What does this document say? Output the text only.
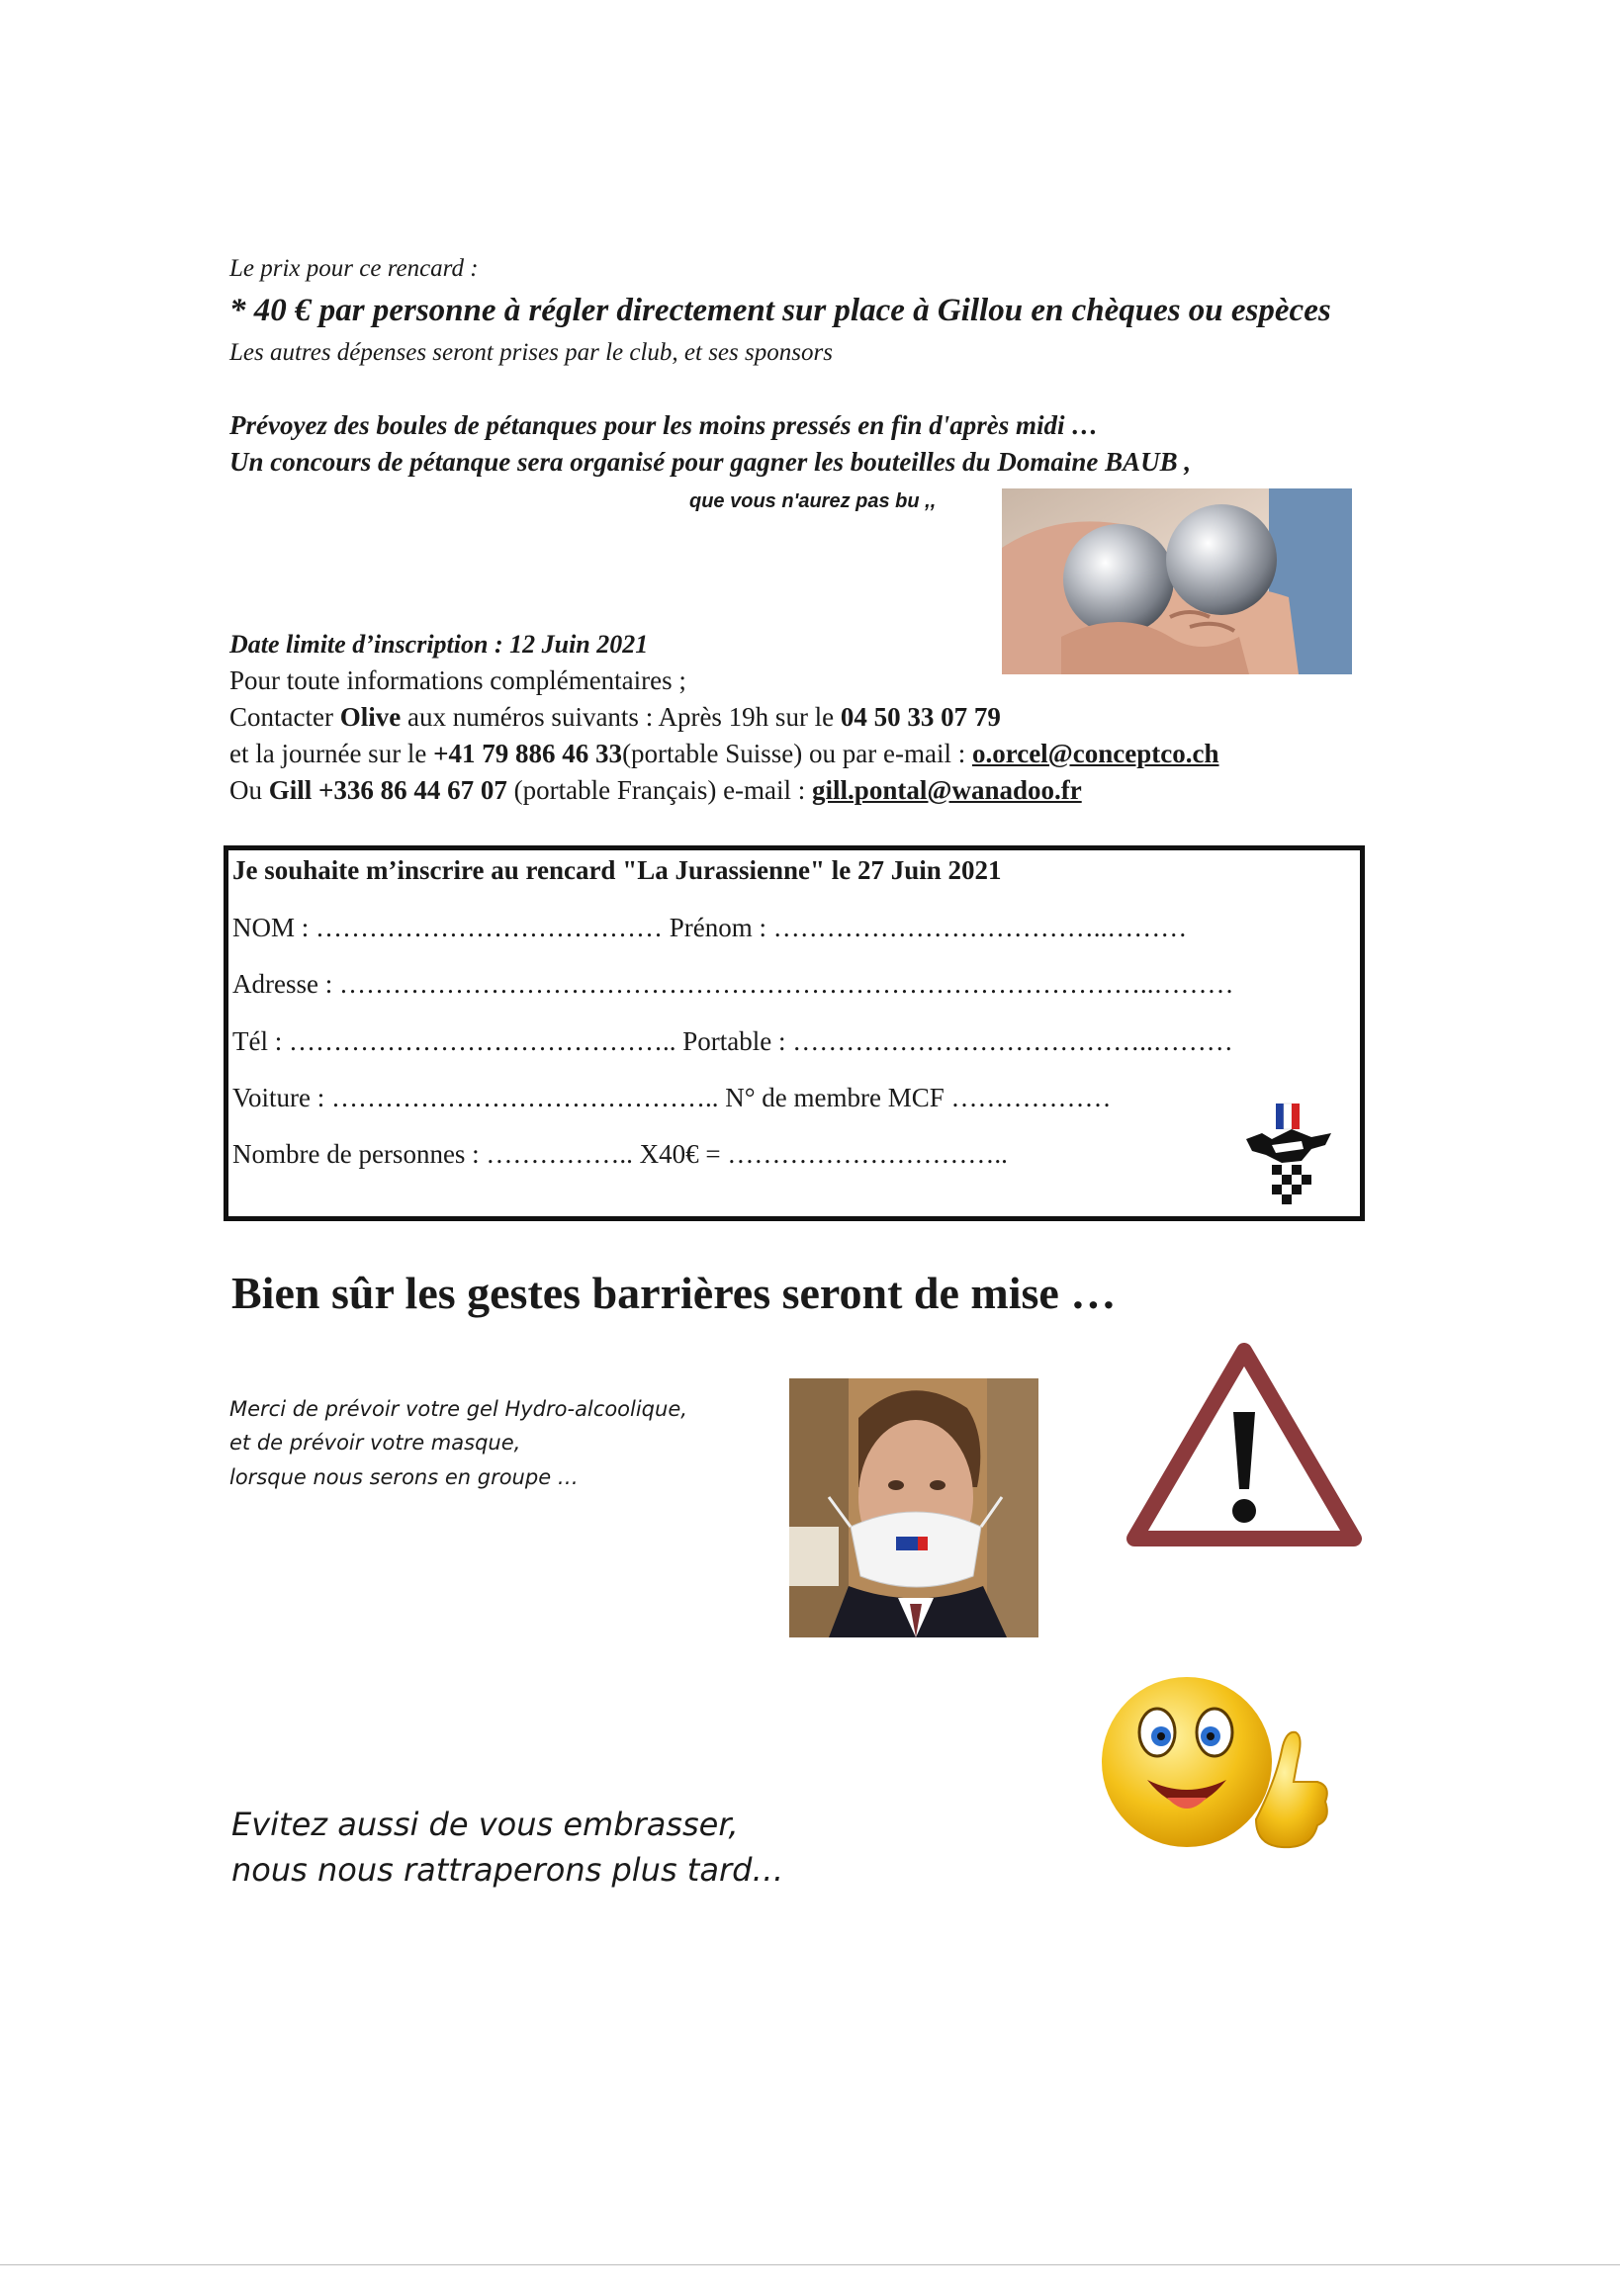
Le prix pour ce rencard :

* 40 € par personne à régler directement sur place à Gillou en chèques ou espèces

Les autres dépenses seront prises par le club, et ses sponsors

Prévoyez des boules de pétanques pour les moins pressés en fin d'après midi …

Un concours de pétanque sera organisé pour gagner les bouteilles du Domaine BAUB ,

que vous n'aurez pas bu ,,

Date limite d’inscription : 12 Juin 2021

Pour toute informations complémentaires ;

Contacter Olive aux numéros suivants : Après 19h sur le 04 50 33 07 79

et la journée sur le +41 79 886 46 33(portable Suisse) ou par e-mail : o.orcel@conceptco.ch

Ou Gill +336 86 44 67 07 (portable Français) e-mail : gill.pontal@wanadoo.fr

Je souhaite m’inscrire au rencard "La Jurassienne" le 27 Juin 2021

NOM : ………………………………… Prénom : ………………………………..………

Adresse : ………………………………………………………………………………..………

Tél : …………………………………….. Portable : …………………………………..………

Voiture : …………………………………….. N° de membre MCF ………………

Nombre de personnes : …………….. X40€ = …………………………..

Bien sûr les gestes barrières seront de mise …

Merci de prévoir votre gel Hydro-alcoolique,

et de prévoir votre masque,

lorsque nous serons en groupe …

Evitez aussi de vous embrasser,

nous nous rattraperons plus tard…
